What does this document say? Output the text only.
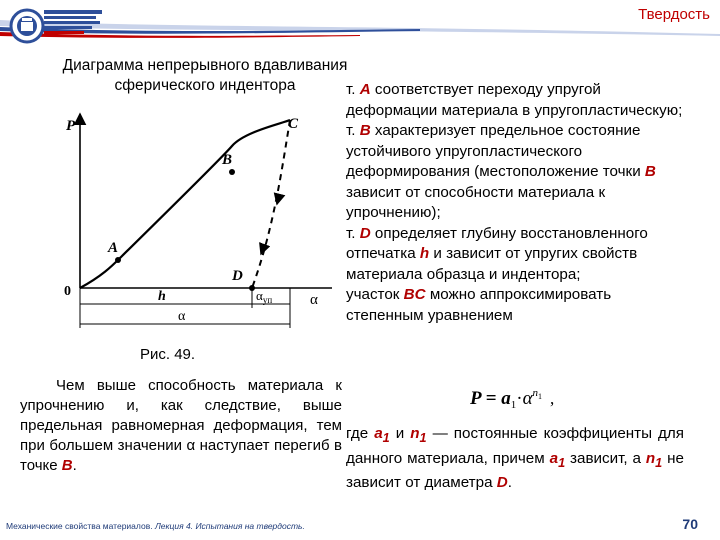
Твердость
Диаграмма непрерывного вдавливания
сферического индентора
P
0
α
A
B
C
D
h
α
$\alpha_{уп}$
Рис. 49.
Чем выше способность материала к упрочнению и, как следствие, выше предельная равномерная деформация, тем при большем значении α наступает перегиб в точке B.
т. A соответствует переходу упругой деформации материала в упругопластическую;
т. B характеризует предельное состояние устойчивого упругопластического деформирования (местоположение точки B зависит от способности материала к упрочнению);
т. D определяет глубину восстановленного отпечатка h и зависит от упругих свойств материала образца и индентора;
участок BC можно аппроксимировать степенным уравнением
$P = a_1\cdot\alpha^n1$ ,
где $a_1$ и $n_1$ — постоянные коэффициенты для данного материала, причем $a_1$ зависит, а $n_1$ не зависит от диаметра D.
Механические свойства материалов. Лекция 4. Испытания на твердость.	70
